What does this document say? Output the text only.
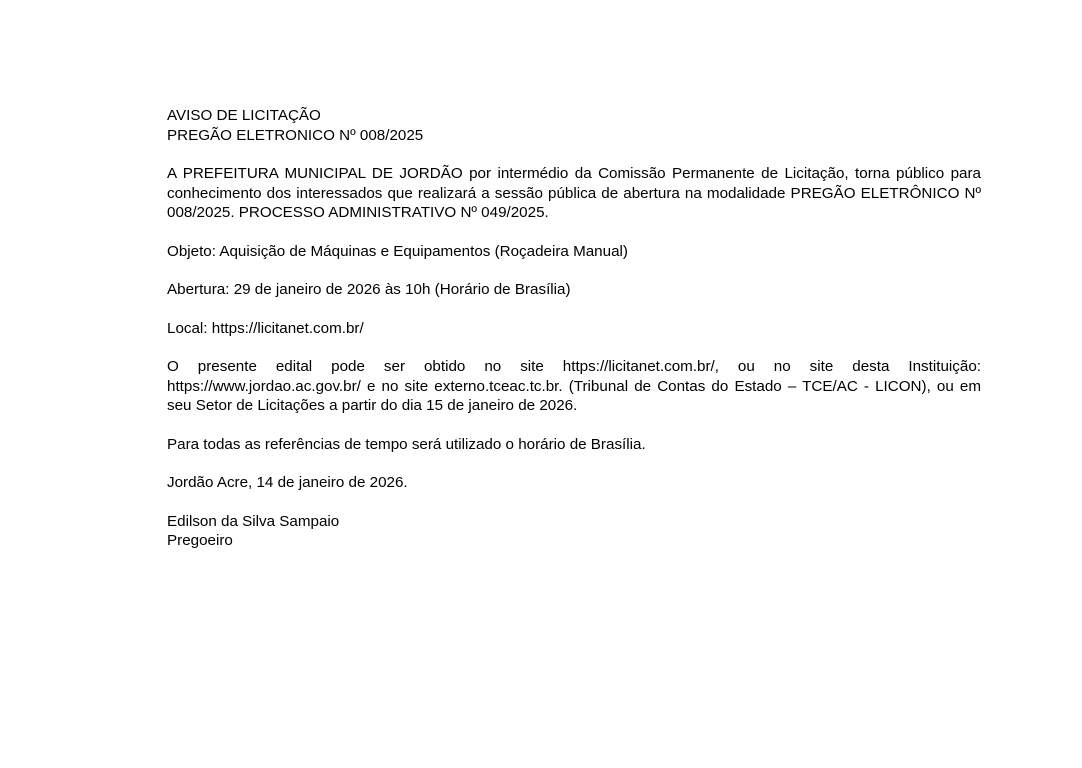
AVISO DE LICITAÇÃO

PREGÃO ELETRONICO Nº 008/2025

A PREFEITURA MUNICIPAL DE JORDÃO por intermédio da Comissão Permanente de Licitação, torna público para conhecimento dos interessados que realizará a sessão pública de abertura na modalidade PREGÃO ELETRÔNICO Nº 008/2025. PROCESSO ADMINISTRATIVO Nº 049/2025.

Objeto: Aquisição de Máquinas e Equipamentos (Roçadeira Manual)

Abertura: 29 de janeiro de 2026 às 10h (Horário de Brasília)

Local: https://licitanet.com.br/

O presente edital pode ser obtido no site https://licitanet.com.br/, ou no site desta Instituição: https://www.jordao.ac.gov.br/ e no site externo.tceac.tc.br. (Tribunal de Contas do Estado – TCE/AC - LICON), ou em seu Setor de Licitações a partir do dia 15 de janeiro de 2026.

Para todas as referências de tempo será utilizado o horário de Brasília.

Jordão Acre, 14 de janeiro de 2026.

Edilson da Silva Sampaio

Pregoeiro
